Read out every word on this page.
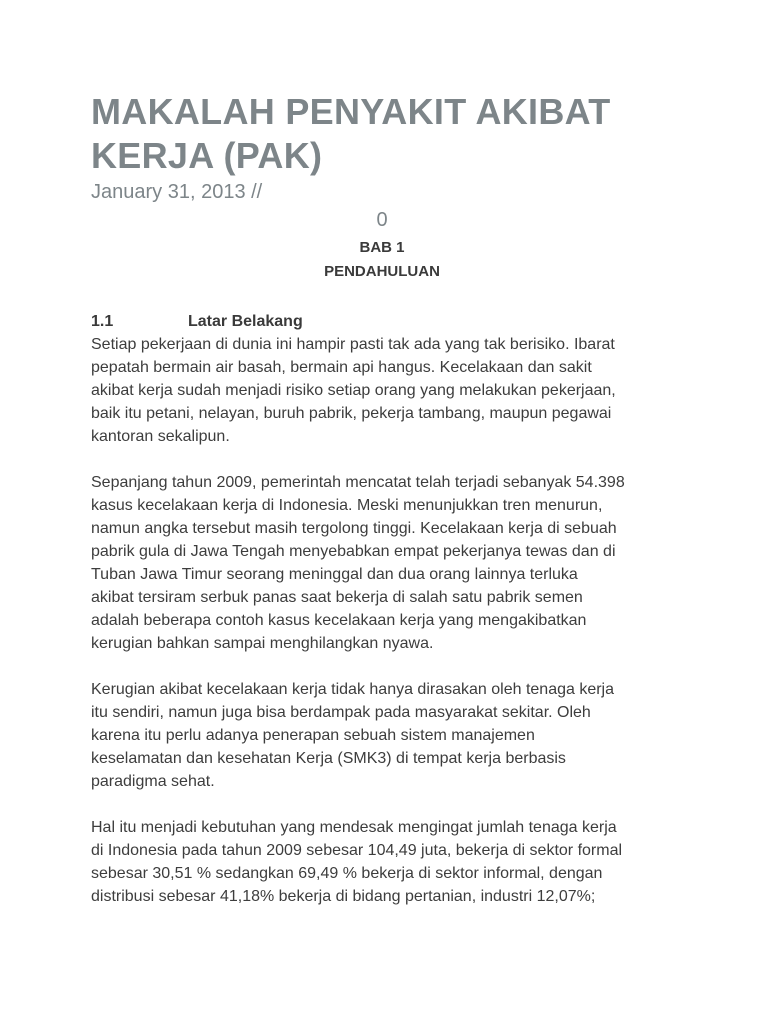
MAKALAH PENYAKIT AKIBAT
KERJA (PAK)
January 31, 2013 //
0
BAB 1
PENDAHULUAN
1.1	Latar Belakang

Setiap pekerjaan di dunia ini hampir pasti tak ada yang tak berisiko. Ibarat
pepatah bermain air basah, bermain api hangus. Kecelakaan dan sakit
akibat kerja sudah menjadi risiko setiap orang yang melakukan pekerjaan,
baik itu petani, nelayan, buruh pabrik, pekerja tambang, maupun pegawai
kantoran sekalipun.

Sepanjang tahun 2009, pemerintah mencatat telah terjadi sebanyak 54.398
kasus kecelakaan kerja di Indonesia. Meski menunjukkan tren menurun,
namun angka tersebut masih tergolong tinggi. Kecelakaan kerja di sebuah
pabrik gula di Jawa Tengah menyebabkan empat pekerjanya tewas dan di
Tuban Jawa Timur seorang meninggal dan dua orang lainnya terluka
akibat tersiram serbuk panas saat bekerja di salah satu pabrik semen
adalah beberapa contoh kasus kecelakaan kerja yang mengakibatkan
kerugian bahkan sampai menghilangkan nyawa.

Kerugian akibat kecelakaan kerja tidak hanya dirasakan oleh tenaga kerja
itu sendiri, namun juga bisa berdampak pada masyarakat sekitar. Oleh
karena itu perlu adanya penerapan sebuah sistem manajemen
keselamatan dan kesehatan Kerja (SMK3) di tempat kerja berbasis
paradigma sehat.

Hal itu menjadi kebutuhan yang mendesak mengingat jumlah tenaga kerja
di Indonesia pada tahun 2009 sebesar 104,49 juta, bekerja di sektor formal
sebesar 30,51 % sedangkan 69,49 % bekerja di sektor informal, dengan
distribusi sebesar 41,18% bekerja di bidang pertanian, industri 12,07%;
